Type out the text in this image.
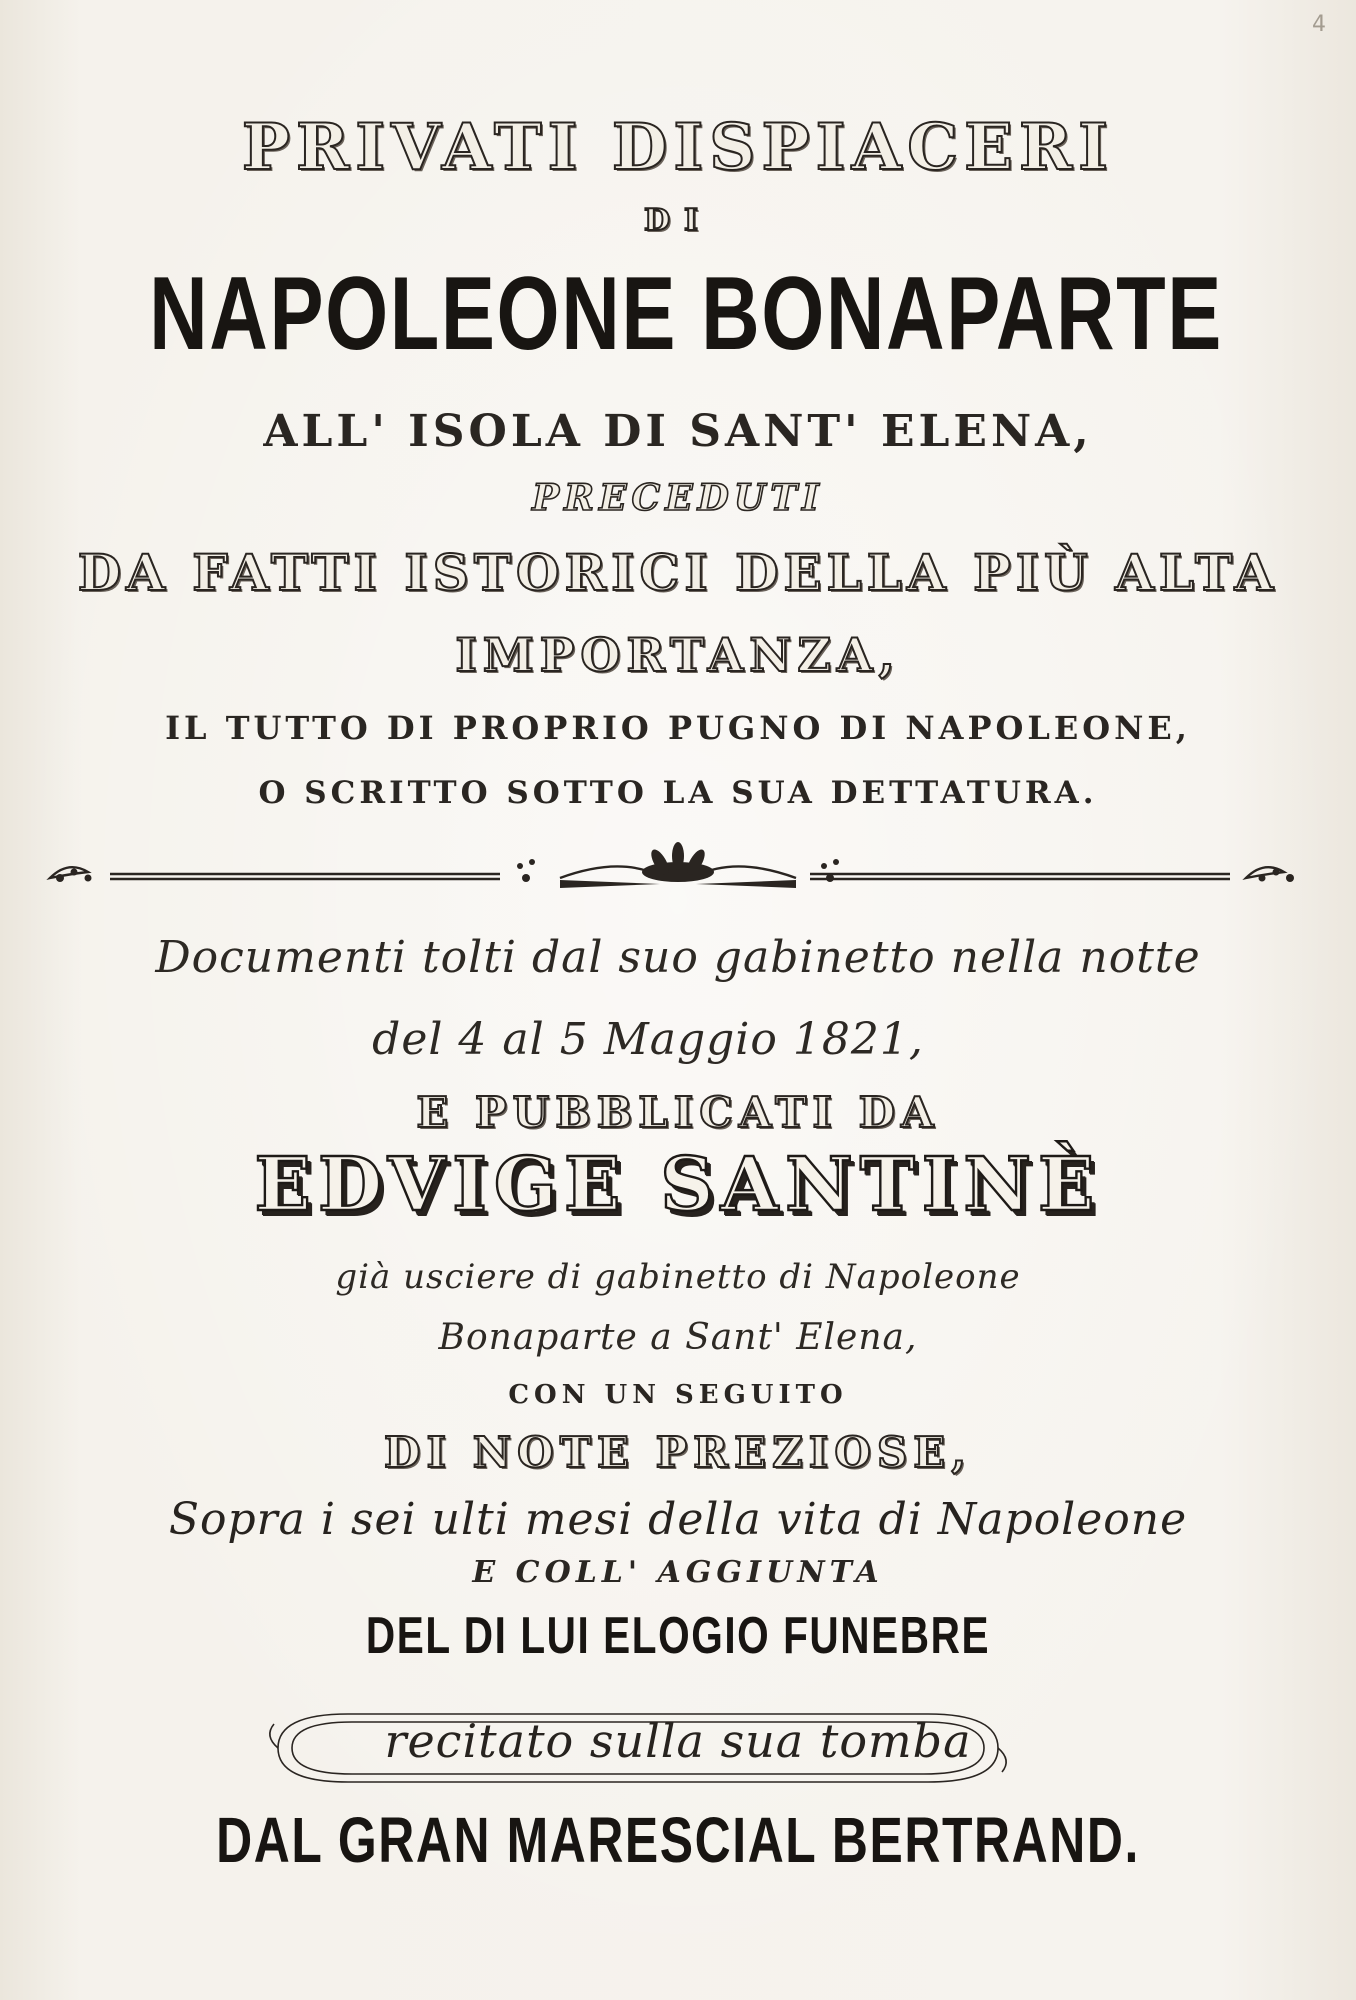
4

PRIVATI DISPIACERI

DI

NAPOLEONE BONAPARTE

ALL' ISOLA DI SANT' ELENA,

PRECEDUTI

DA FATTI ISTORICI DELLA PIÙ ALTA

IMPORTANZA,

IL TUTTO DI PROPRIO PUGNO DI NAPOLEONE,

O SCRITTO SOTTO LA SUA DETTATURA.

Documenti tolti dal suo gabinetto nella notte

del 4 al 5 Maggio 1821,

E PUBBLICATI DA

EDVIGE SANTINÈ

già usciere di gabinetto di Napoleone

Bonaparte a Sant' Elena,

CON UN SEGUITO

DI NOTE PREZIOSE,

Sopra i sei ulti mesi della vita di Napoleone

E COLL' AGGIUNTA

DEL DI LUI ELOGIO FUNEBRE

recitato sulla sua tomba

DAL GRAN MARESCIAL BERTRAND.
